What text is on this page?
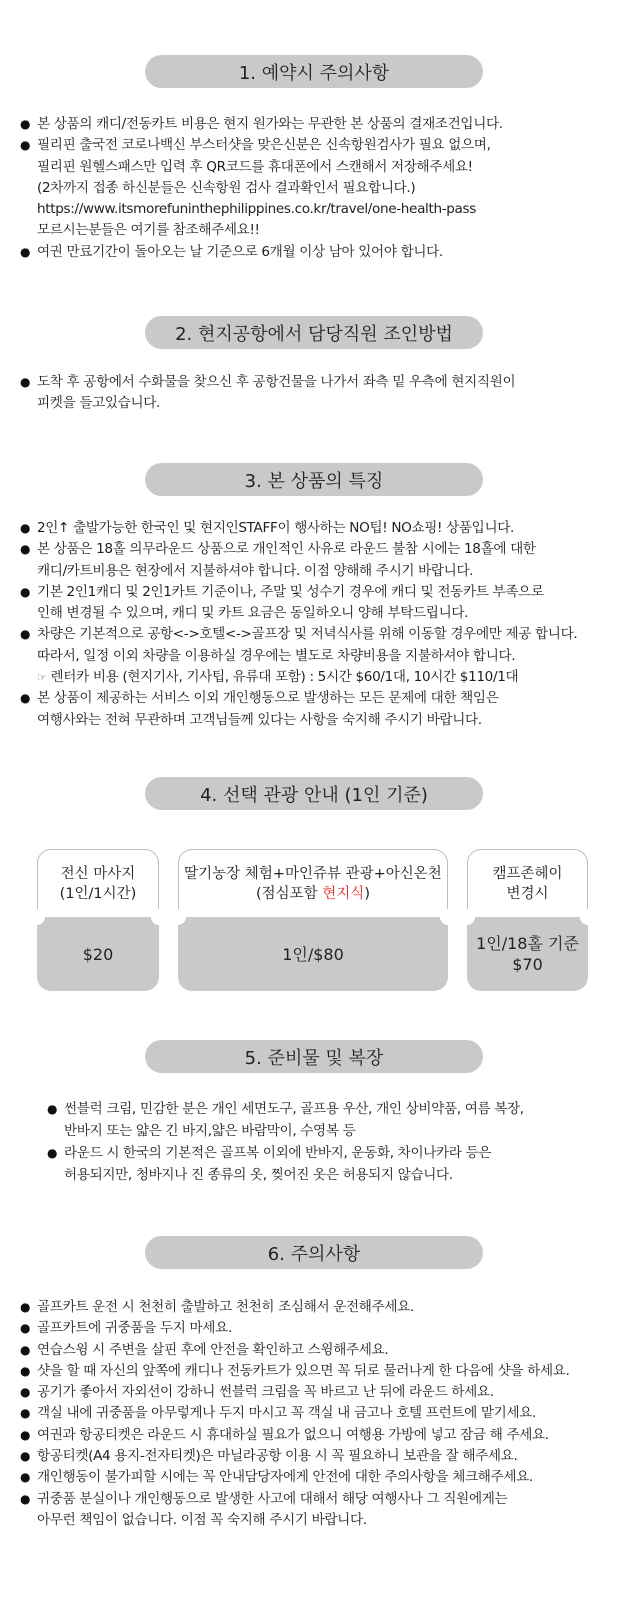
1. 예약시 주의사항
● 본 상품의 캐디/전동카트 비용은 현지 원가와는 무관한 본 상품의 결재조건입니다.
● 필리핀 출국전 코로나백신 부스터샷을 맞은신분은 신속항원검사가 필요 없으며,
필리핀 원헬스패스만 입력 후 QR코드를 휴대폰에서 스캔해서 저장해주세요!
(2차까지 접종 하신분들은 신속항원 검사 결과확인서 필요합니다.)
https://www.itsmorefuninthephilippines.co.kr/travel/one-health-pass
모르시는분들은 여기를 참조해주세요!!
● 여권 만료기간이 돌아오는 날 기준으로 6개월 이상 남아 있어야 합니다.
2. 현지공항에서 담당직원 조인방법
● 도착 후 공항에서 수화물을 찾으신 후 공항건물을 나가서 좌측 밑 우측에 현지직원이
피켓을 들고있습니다.
3. 본 상품의 특징
● 2인↑ 출발가능한 한국인 및 현지인STAFF이 행사하는 NO팁! NO쇼핑! 상품입니다.
● 본 상품은 18홀 의무라운드 상품으로 개인적인 사유로 라운드 불참 시에는 18홀에 대한
캐디/카트비용은 현장에서 지불하셔야 합니다. 이점 양해해 주시기 바랍니다.
● 기본 2인1캐디 및 2인1카트 기준이나, 주말 및 성수기 경우에 캐디 및 전동카트 부족으로
인해 변경될 수 있으며, 캐디 및 카트 요금은 동일하오니 양해 부탁드립니다.
● 차량은 기본적으로 공항<->호텔<->골프장 및 저녁식사를 위해 이동할 경우에만 제공 합니다.
따라서, 일정 이외 차량을 이용하실 경우에는 별도로 차량비용을 지불하셔야 합니다.
☞ 렌터카 비용 (현지기사, 기사팁, 유류대 포함) : 5시간 $60/1대, 10시간 $110/1대
● 본 상품이 제공하는 서비스 이외 개인행동으로 발생하는 모든 문제에 대한 책임은
여행사와는 전혀 무관하며 고객님들께 있다는 사항을 숙지해 주시기 바랍니다.
4. 선택 관광 안내 (1인 기준)
전신 마사지
(1인/1시간)
$20
딸기농장 체험+마인쥬뷰 관광+아신온천
(점심포함 현지식)
1인/$80
캠프존헤이
변경시
1인/18홀 기준
$70
5. 준비물 및 복장
● 썬블럭 크림, 민감한 분은 개인 세면도구, 골프용 우산, 개인 상비약품, 여름 복장,
반바지 또는 얇은 긴 바지,얇은 바람막이, 수영복 등
● 라운드 시 한국의 기본적은 골프복 이외에 반바지, 운동화, 차이나카라 등은
허용되지만, 청바지나 진 종류의 옷, 찢어진 옷은 허용되지 않습니다.
6. 주의사항
● 골프카트 운전 시 천천히 출발하고 천천히 조심해서 운전해주세요.
● 골프카트에 귀중품을 두지 마세요.
● 연습스윙 시 주변을 살핀 후에 안전을 확인하고 스윙해주세요.
● 샷을 할 때 자신의 앞쪽에 캐디나 전동카트가 있으면 꼭 뒤로 물러나게 한 다음에 샷을 하세요.
● 공기가 좋아서 자외선이 강하니 썬블럭 크림을 꼭 바르고 난 뒤에 라운드 하세요.
● 객실 내에 귀중품을 아무렇게나 두지 마시고 꼭 객실 내 금고나 호텔 프런트에 맡기세요.
● 여권과 항공티켓은 라운드 시 휴대하실 필요가 없으니 여행용 가방에 넣고 잠금 해 주세요.
● 항공티켓(A4 용지-전자티켓)은 마닐라공항 이용 시 꼭 필요하니 보관을 잘 해주세요.
● 개인행동이 불가피할 시에는 꼭 안내담당자에게 안전에 대한 주의사항을 체크해주세요.
● 귀중품 분실이나 개인행동으로 발생한 사고에 대해서 해당 여행사나 그 직원에게는
아무런 책임이 없습니다. 이점 꼭 숙지해 주시기 바랍니다.
